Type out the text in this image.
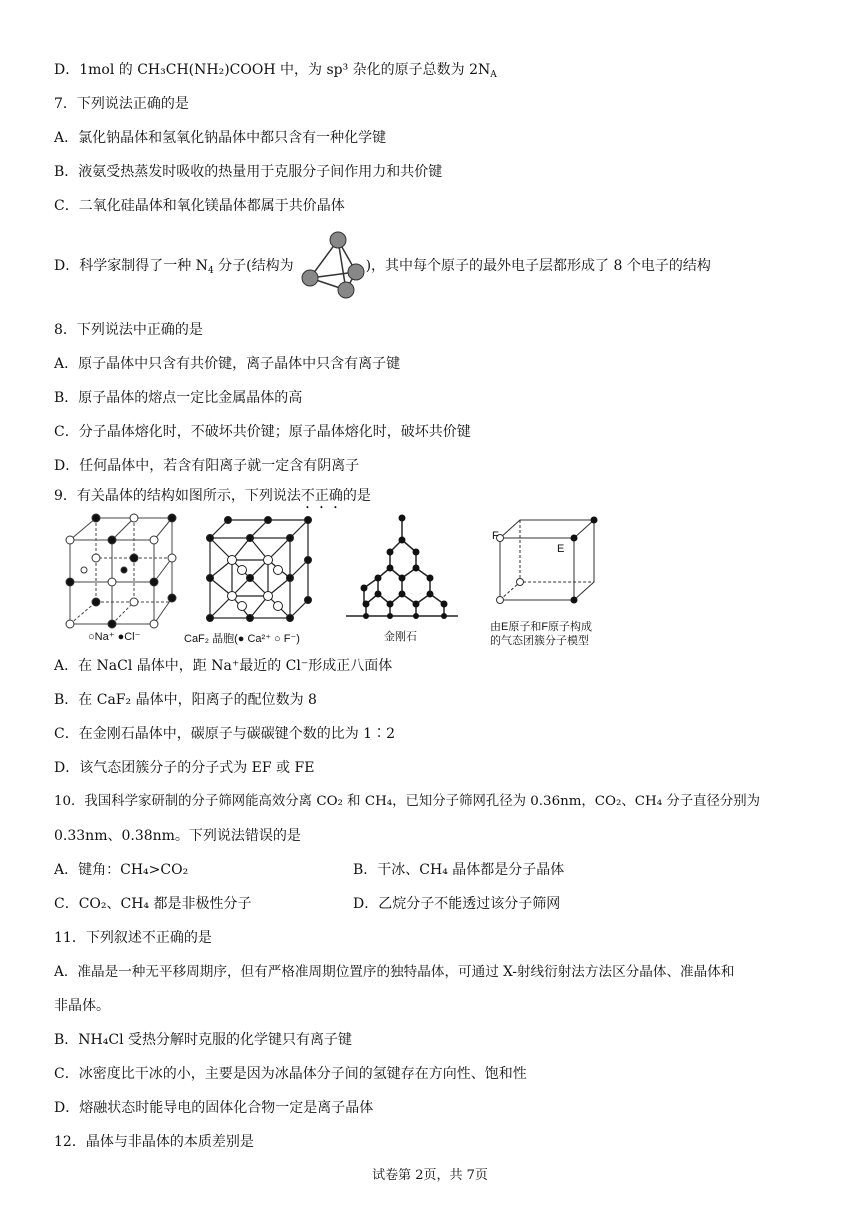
D．1mol 的 CH₃CH(NH₂)COOH 中，为 sp³ 杂化的原子总数为 $2N_A$
7．下列说法正确的是
A．氯化钠晶体和氢氧化钠晶体中都只含有一种化学键
B．液氨受热蒸发时吸收的热量用于克服分子间作用力和共价键
C．二氧化硅晶体和氧化镁晶体都属于共价晶体
D．科学家制得了一种 $N_4$ 分子(结构为	)，其中每个原子的最外电子层都形成了 8 个电子的结构
8．下列说法中正确的是
A．原子晶体中只含有共价键，离子晶体中只含有离子键
B．原子晶体的熔点一定比金属晶体的高
C．分子晶体熔化时，不破坏共价键；原子晶体熔化时，破坏共价键
D．任何晶体中，若含有阳离子就一定含有阴离子
9．有关晶体的结构如图所示，下列说法不正确的是
○Na⁺ ●Cl⁻	CaF₂ 晶胞(● Ca²⁺ ○ F⁻)	金刚石
F
E
由E原子和F原子构成
的气态团簇分子模型
A．在 NaCl 晶体中，距 Na⁺最近的 Cl⁻形成正八面体
B．在 CaF₂ 晶体中，阳离子的配位数为 8
C．在金刚石晶体中，碳原子与碳碳键个数的比为 1∶2
D．该气态团簇分子的分子式为 EF 或 FE
10．我国科学家研制的分子筛网能高效分离 CO₂ 和 CH₄，已知分子筛网孔径为 0.36nm，CO₂、CH₄ 分子直径分别为
0.33nm、0.38nm。下列说法错误的是
A．键角：CH₄>CO₂	B．干冰、CH₄ 晶体都是分子晶体
C．CO₂、CH₄ 都是非极性分子	D．乙烷分子不能透过该分子筛网
11．下列叙述不正确的是
A．准晶是一种无平移周期序，但有严格准周期位置序的独特晶体，可通过 X-射线衍射法方法区分晶体、准晶体和
非晶体。
B．NH₄Cl 受热分解时克服的化学键只有离子键
C．冰密度比干冰的小，主要是因为冰晶体分子间的氢键存在方向性、饱和性
D．熔融状态时能导电的固体化合物一定是离子晶体
12．晶体与非晶体的本质差别是
试卷第 2页，共 7页
